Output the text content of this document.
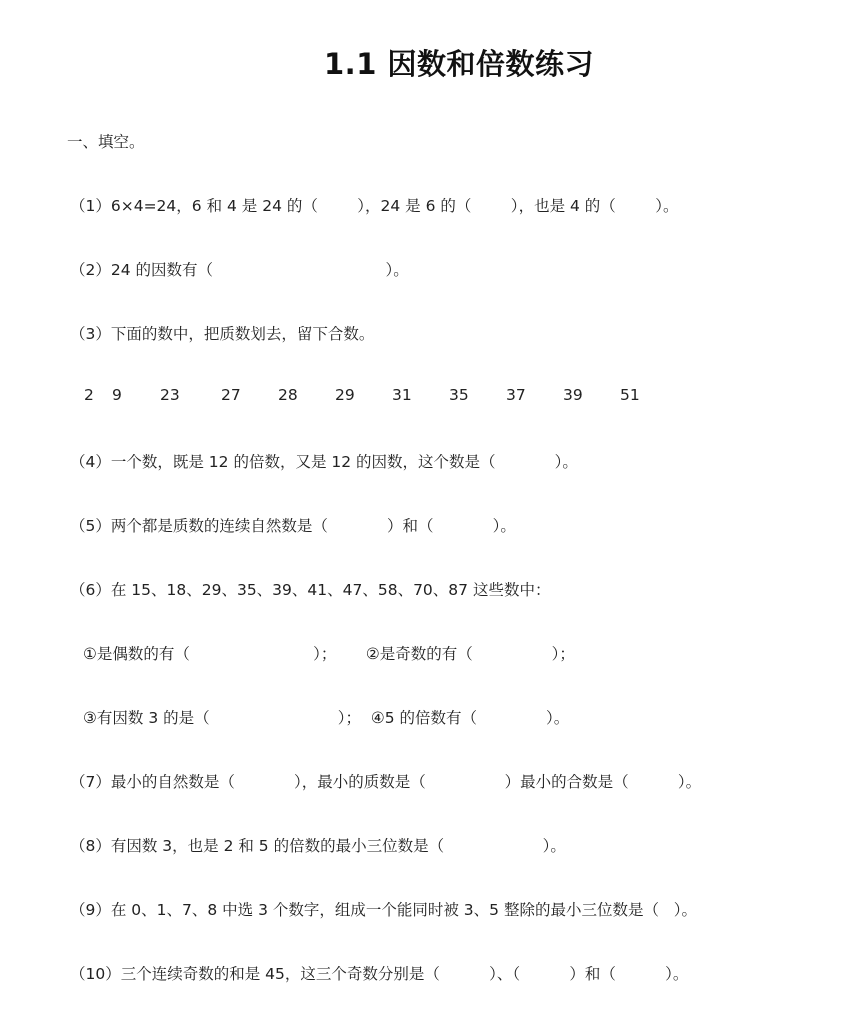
1.1 因数和倍数练习
一、填空。
（1）6×4=24，6 和 4 是 24 的（        ），24 是 6 的（        ），也是 4 的（        ）。
（2）24 的因数有（                                   ）。
（3）下面的数中，把质数划去，留下合数。
2 9 23	27 28 29 31 35 37 39 51
（4）一个数，既是 12 的倍数，又是 12 的因数，这个数是（            ）。
（5）两个都是质数的连续自然数是（            ）和（            ）。
（6）在 15、18、29、35、39、41、47、58、70、87 这些数中：
①是偶数的有（                         ）；      ②是奇数的有（                ）；
③有因数 3 的是（                          ）；  ④5 的倍数有（              ）。
（7）最小的自然数是（            ），最小的质数是（                ）最小的合数是（          ）。
（8）有因数 3，也是 2 和 5 的倍数的最小三位数是（                    ）。
（9）在 0、1、7、8 中选 3 个数字，组成一个能同时被 3、5 整除的最小三位数是（   ）。
（10）三个连续奇数的和是 45，这三个奇数分别是（          ）、（          ）和（          ）。
